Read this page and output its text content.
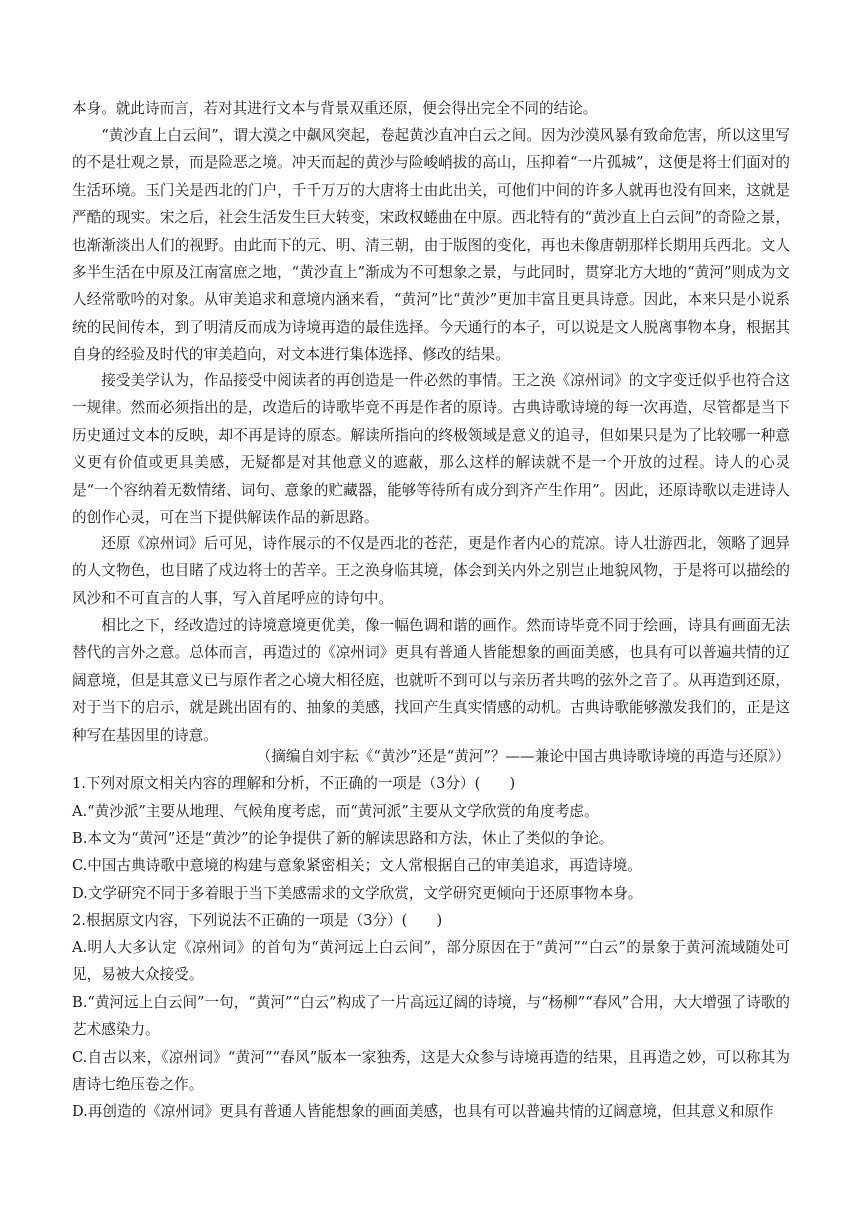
本身。就此诗而言，若对其进行文本与背景双重还原，便会得出完全不同的结论。

“黄沙直上白云间”，谓大漠之中飙风突起，卷起黄沙直冲白云之间。因为沙漠风暴有致命危害，所以这里写的不是壮观之景，而是险恶之境。冲天而起的黄沙与险峻峭拔的高山，压抑着“一片孤城”，这便是将士们面对的生活环境。玉门关是西北的门户，千千万万的大唐将士由此出关，可他们中间的许多人就再也没有回来，这就是严酷的现实。宋之后，社会生活发生巨大转变，宋政权蜷曲在中原。西北特有的“黄沙直上白云间”的奇险之景，也渐渐淡出人们的视野。由此而下的元、明、清三朝，由于版图的变化，再也未像唐朝那样长期用兵西北。文人多半生活在中原及江南富庶之地，“黄沙直上”渐成为不可想象之景，与此同时，贯穿北方大地的“黄河”则成为文人经常歌吟的对象。从审美追求和意境内涵来看，“黄河”比“黄沙”更加丰富且更具诗意。因此，本来只是小说系统的民间传本，到了明清反而成为诗境再造的最佳选择。今天通行的本子，可以说是文人脱离事物本身，根据其自身的经验及时代的审美趋向，对文本进行集体选择、修改的结果。

接受美学认为，作品接受中阅读者的再创造是一件必然的事情。王之涣《凉州词》的文字变迁似乎也符合这一规律。然而必须指出的是，改造后的诗歌毕竟不再是作者的原诗。古典诗歌诗境的每一次再造，尽管都是当下历史通过文本的反映，却不再是诗的原态。解读所指向的终极领域是意义的追寻，但如果只是为了比较哪一种意义更有价值或更具美感，无疑都是对其他意义的遮蔽，那么这样的解读就不是一个开放的过程。诗人的心灵是“一个容纳着无数情绪、词句、意象的贮藏器，能够等待所有成分到齐产生作用”。因此，还原诗歌以走进诗人的创作心灵，可在当下提供解读作品的新思路。

还原《凉州词》后可见，诗作展示的不仅是西北的苍茫，更是作者内心的荒凉。诗人壮游西北，领略了迥异的人文物色，也目睹了戍边将士的苦辛。王之涣身临其境，体会到关内外之别岂止地貌风物，于是将可以描绘的风沙和不可直言的人事，写入首尾呼应的诗句中。

相比之下，经改造过的诗境意境更优美，像一幅色调和谐的画作。然而诗毕竟不同于绘画，诗具有画面无法替代的言外之意。总体而言，再造过的《凉州词》更具有普通人皆能想象的画面美感，也具有可以普遍共情的辽阔意境，但是其意义已与原作者之心境大相径庭，也就听不到可以与亲历者共鸣的弦外之音了。从再造到还原，对于当下的启示，就是跳出固有的、抽象的美感，找回产生真实情感的动机。古典诗歌能够激发我们的，正是这种写在基因里的诗意。

（摘编自刘宇耘《“黄沙”还是“黄河”？——兼论中国古典诗歌诗境的再造与还原》）

1.下列对原文相关内容的理解和分析，不正确的一项是（3分）(　　)

A.“黄沙派”主要从地理、气候角度考虑，而“黄河派”主要从文学欣赏的角度考虑。

B.本文为“黄河”还是“黄沙”的论争提供了新的解读思路和方法，休止了类似的争论。

C.中国古典诗歌中意境的构建与意象紧密相关；文人常根据自己的审美追求，再造诗境。

D.文学研究不同于多着眼于当下美感需求的文学欣赏，文学研究更倾向于还原事物本身。

2.根据原文内容，下列说法不正确的一项是（3分）(　　)

A.明人大多认定《凉州词》的首句为“黄河远上白云间”，部分原因在于“黄河”“白云”的景象于黄河流域随处可见，易被大众接受。

B.“黄河远上白云间”一句，“黄河”“白云”构成了一片高远辽阔的诗境，与“杨柳”“春风”合用，大大增强了诗歌的艺术感染力。

C.自古以来，《凉州词》“黄河”“春风”版本一家独秀，这是大众参与诗境再造的结果，且再造之妙，可以称其为唐诗七绝压卷之作。

D.再创造的《凉州词》更具有普通人皆能想象的画面美感，也具有可以普遍共情的辽阔意境，但其意义和原作
